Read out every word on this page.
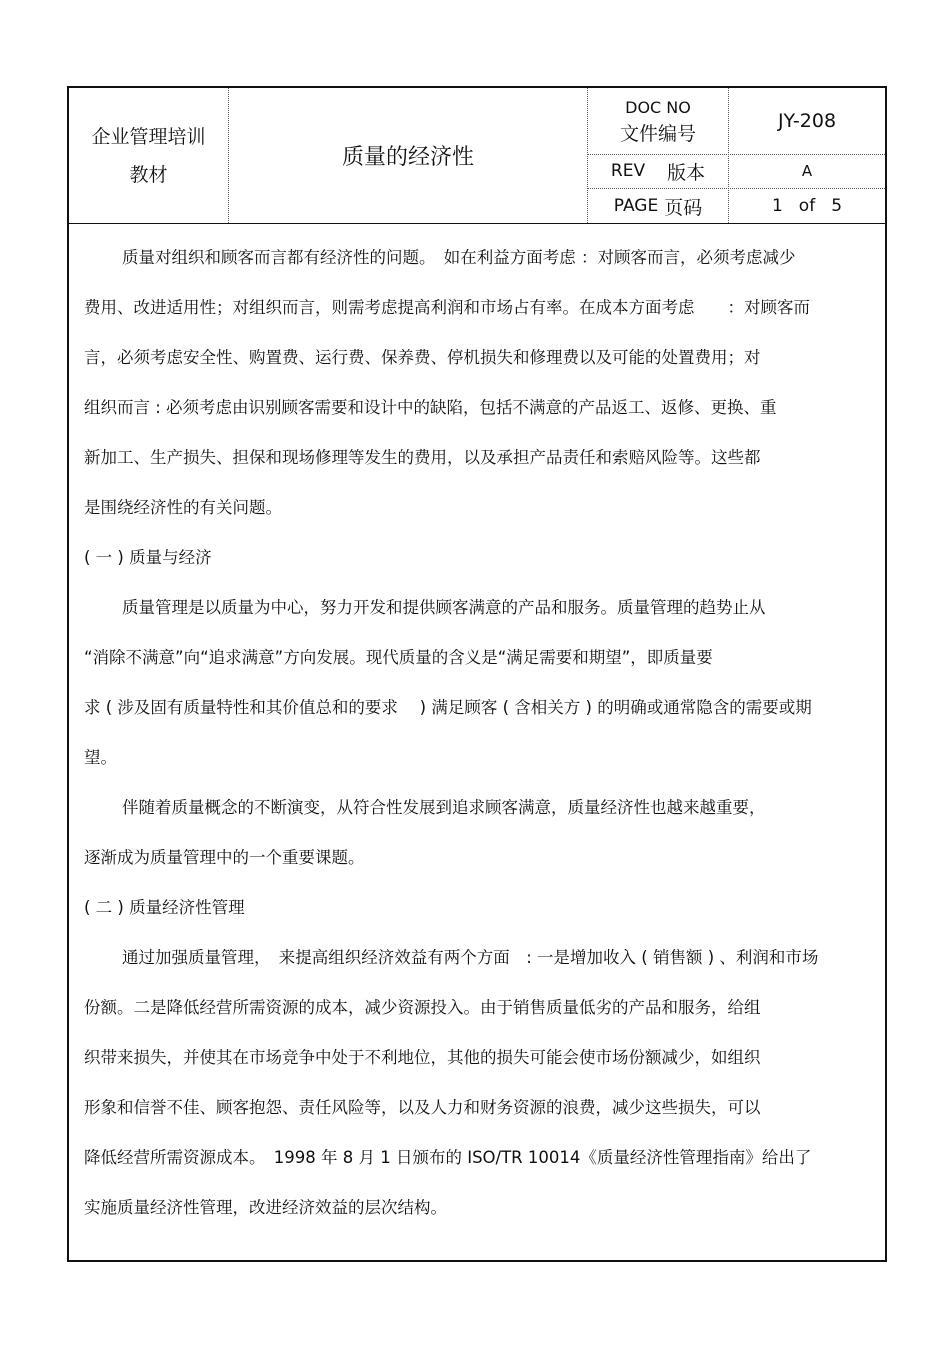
企业管理培训
教材
质量的经济性
DOC NO
文件编号
JY-208
REV 版本	A
PAGE 页码	1 of 5
质量对组织和顾客而言都有经济性的问题。　如在利益方面考虑 ：对顾客而言，必须考虑减少
费用、改进适用性；对组织而言，则需考虑提高利润和市场占有率。在成本方面考虑　　：对顾客而
言，必须考虑安全性、购置费、运行费、保养费、停机损失和修理费以及可能的处置费用；对
组织而言 : 必须考虑由识别顾客需要和设计中的缺陷，包括不满意的产品返工、返修、更换、重
新加工、生产损失、担保和现场修理等发生的费用，以及承担产品责任和索赔风险等。这些都
是围绕经济性的有关问题。
( 一 ) 质量与经济
质量管理是以质量为中心，努力开发和提供顾客满意的产品和服务。质量管理的趋势止从
“消除不满意”向“追求满意”方向发展。现代质量的含义是“满足需要和期望”，即质量要
求 ( 涉及固有质量特性和其价值总和的要求　 ) 满足顾客 ( 含相关方 ) 的明确或通常隐含的需要或期
望。
伴随着质量概念的不断演变，从符合性发展到追求顾客满意，质量经济性也越来越重要，
逐渐成为质量管理中的一个重要课题。
( 二 ) 质量经济性管理
通过加强质量管理，　来提高组织经济效益有两个方面　: 一是增加收入 ( 销售额 ) 、利润和市场
份额。二是降低经营所需资源的成本，减少资源投入。由于销售质量低劣的产品和服务，给组
织带来损失，并使其在市场竞争中处于不利地位，其他的损失可能会使市场份额减少，如组织
形象和信誉不佳、顾客抱怨、责任风险等，以及人力和财务资源的浪费，减少这些损失，可以
降低经营所需资源成本。　1998 年 8 月 1 日颁布的 ISO/TR 10014《质量经济性管理指南》给出了
实施质量经济性管理，改进经济效益的层次结构。
